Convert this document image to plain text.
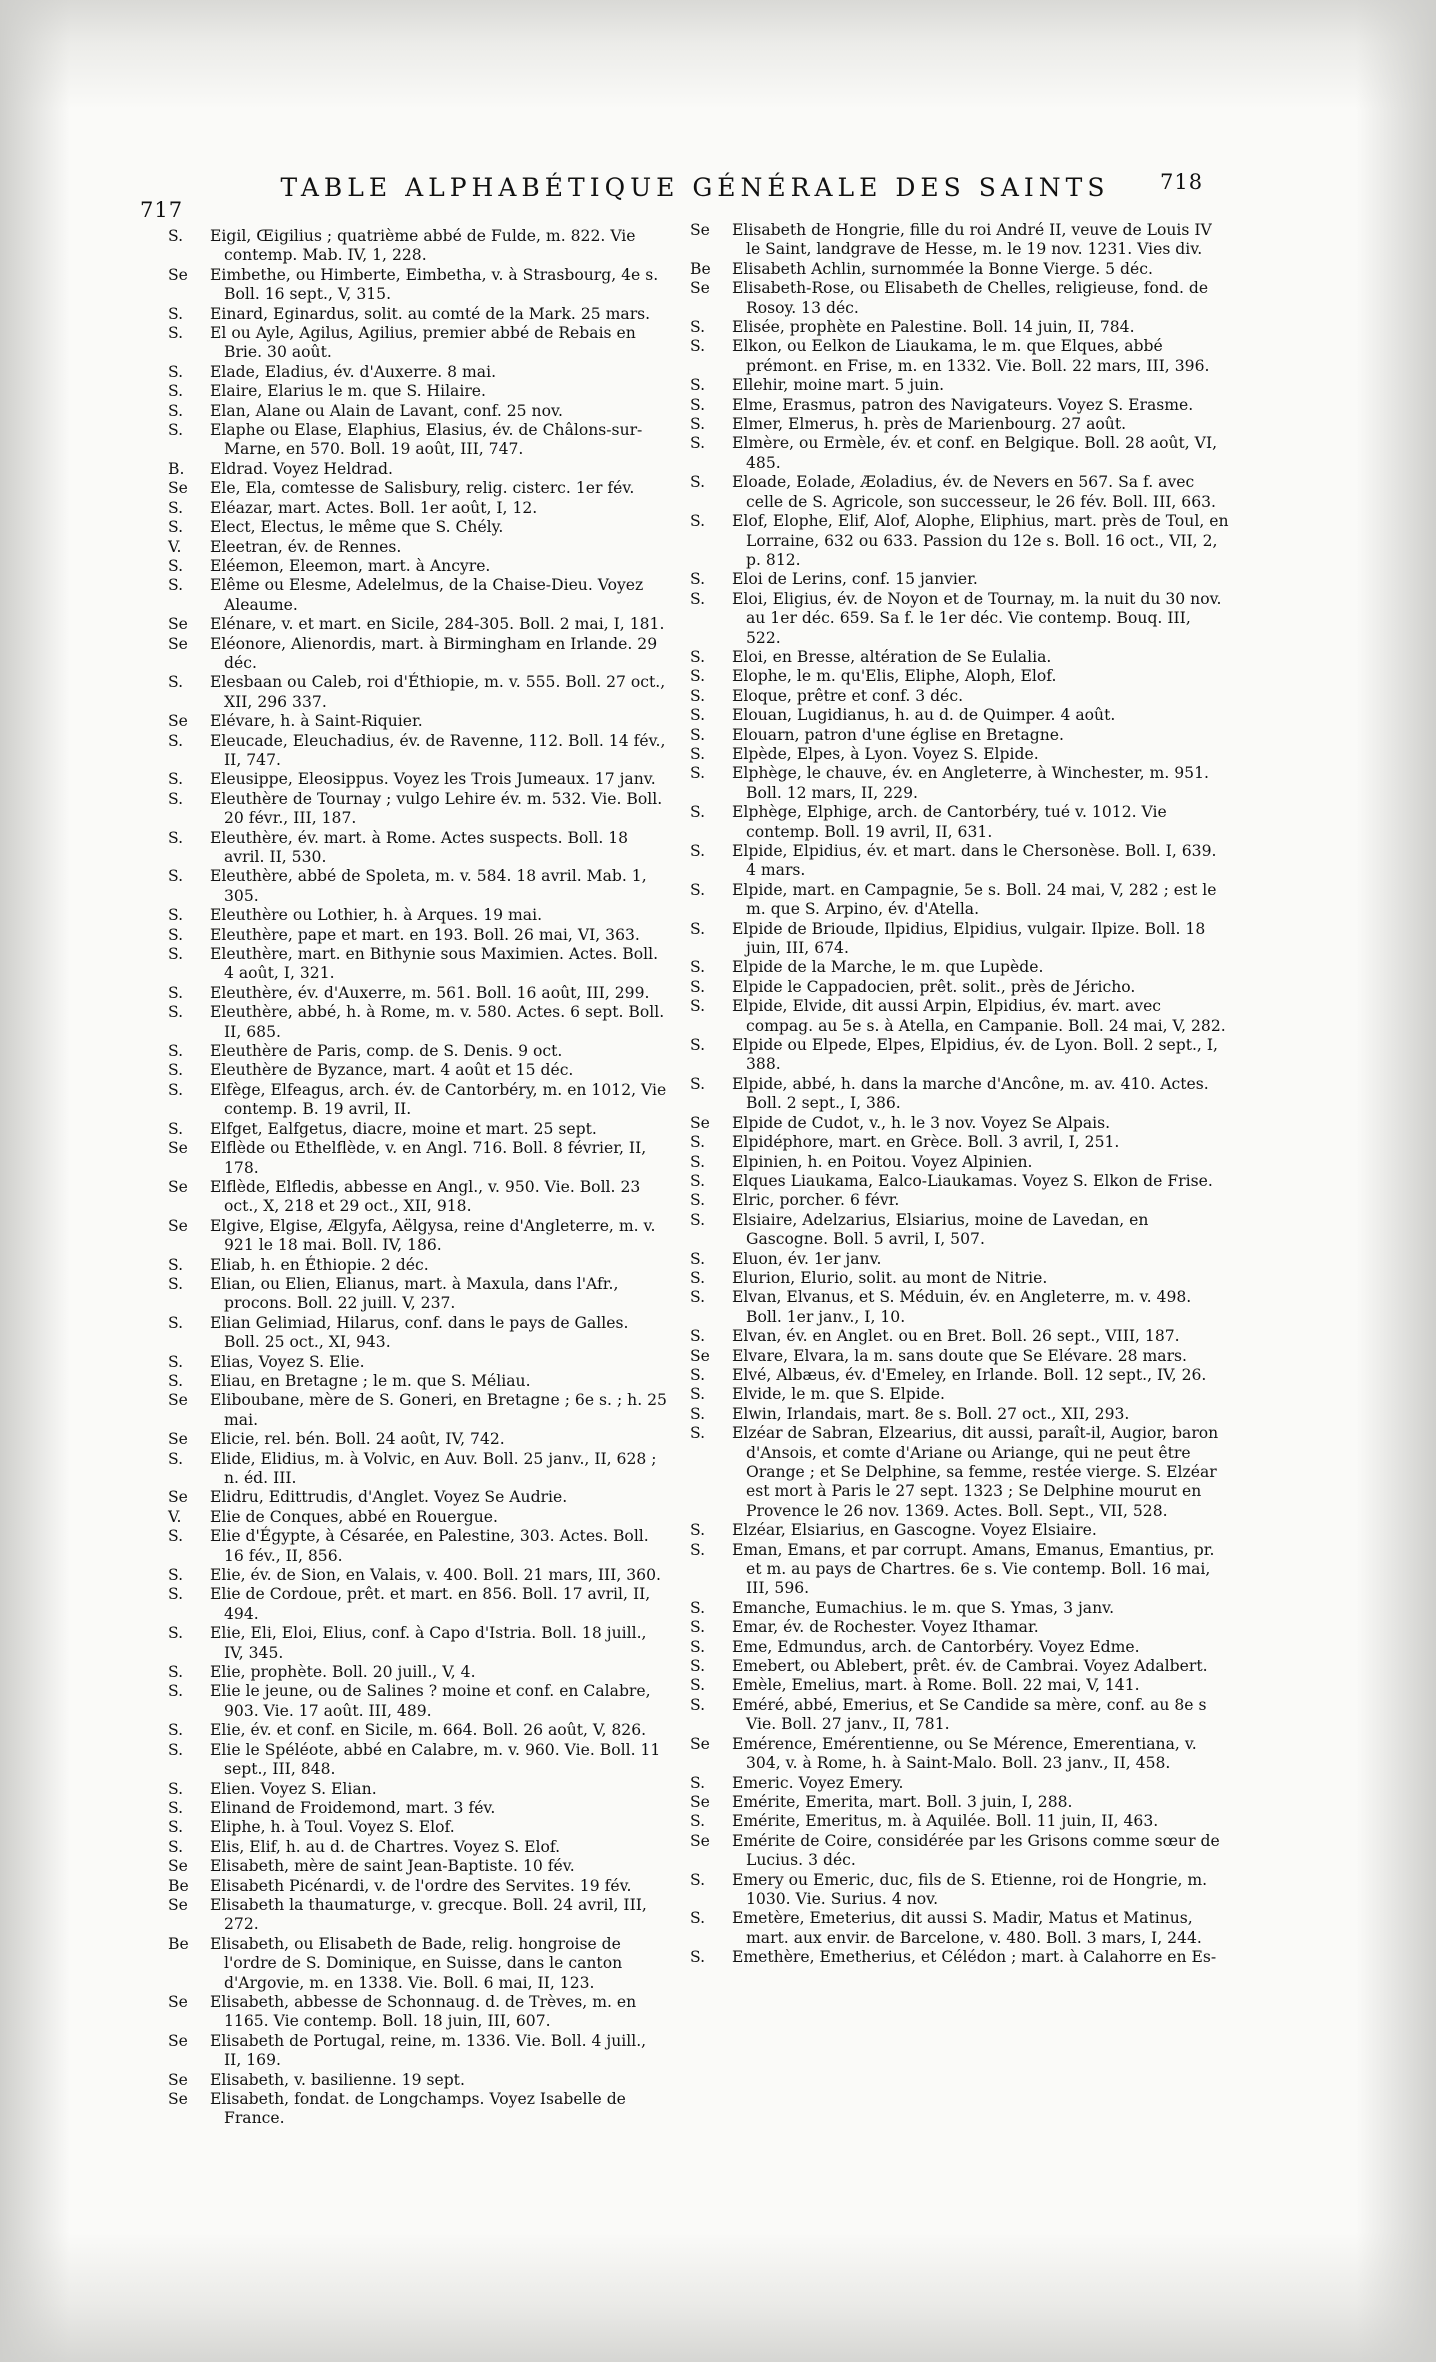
717
TABLE ALPHABÉTIQUE GÉNÉRALE DES SAINTS 718
S.	Eigil, Œigilius ; quatrième abbé de Fulde, m. 822. Vie contemp. Mab. IV, 1, 228.
Se	Eimbethe, ou Himberte, Eimbetha, v. à Strasbourg, 4e s. Boll. 16 sept., V, 315.
S.	Einard, Eginardus, solit. au comté de la Mark. 25 mars.
S.	El ou Ayle, Agilus, Agilius, premier abbé de Rebais en Brie. 30 août.
S.	Elade, Eladius, év. d'Auxerre. 8 mai.
S.	Elaire, Elarius le m. que S. Hilaire.
S.	Elan, Alane ou Alain de Lavant, conf. 25 nov.
S.	Elaphe ou Elase, Elaphius, Elasius, év. de Châlons-sur-Marne, en 570. Boll. 19 août, III, 747.
B.	Eldrad. Voyez Heldrad.
Se	Ele, Ela, comtesse de Salisbury, relig. cisterc. 1er fév.
S.	Eléazar, mart. Actes. Boll. 1er août, I, 12.
S.	Elect, Electus, le même que S. Chély.
V.	Eleetran, év. de Rennes.
S.	Eléemon, Eleemon, mart. à Ancyre.
S.	Elême ou Elesme, Adelelmus, de la Chaise-Dieu. Voyez Aleaume.
Se	Elénare, v. et mart. en Sicile, 284-305. Boll. 2 mai, I, 181.
Se	Eléonore, Alienordis, mart. à Birmingham en Irlande. 29 déc.
S.	Elesbaan ou Caleb, roi d'Éthiopie, m. v. 555. Boll. 27 oct., XII, 296 337.
Se	Elévare, h. à Saint-Riquier.
S.	Eleucade, Eleuchadius, év. de Ravenne, 112. Boll. 14 fév., II, 747.
S.	Eleusippe, Eleosippus. Voyez les Trois Jumeaux. 17 janv.
S.	Eleuthère de Tournay ; vulgo Lehire év. m. 532. Vie. Boll. 20 févr., III, 187.
S.	Eleuthère, év. mart. à Rome. Actes suspects. Boll. 18 avril. II, 530.
S.	Eleuthère, abbé de Spoleta, m. v. 584. 18 avril. Mab. 1, 305.
S.	Eleuthère ou Lothier, h. à Arques. 19 mai.
S.	Eleuthère, pape et mart. en 193. Boll. 26 mai, VI, 363.
S.	Eleuthère, mart. en Bithynie sous Maximien. Actes. Boll. 4 août, I, 321.
S.	Eleuthère, év. d'Auxerre, m. 561. Boll. 16 août, III, 299.
S.	Eleuthère, abbé, h. à Rome, m. v. 580. Actes. 6 sept. Boll. II, 685.
S.	Eleuthère de Paris, comp. de S. Denis. 9 oct.
S.	Eleuthère de Byzance, mart. 4 août et 15 déc.
S.	Elfège, Elfeagus, arch. év. de Cantorbéry, m. en 1012, Vie contemp. B. 19 avril, II.
S.	Elfget, Ealfgetus, diacre, moine et mart. 25 sept.
Se	Elflède ou Ethelflède, v. en Angl. 716. Boll. 8 février, II, 178.
Se	Elflède, Elfledis, abbesse en Angl., v. 950. Vie. Boll. 23 oct., X, 218 et 29 oct., XII, 918.
Se	Elgive, Elgise, Ælgyfa, Aëlgysa, reine d'Angleterre, m. v. 921 le 18 mai. Boll. IV, 186.
S.	Eliab, h. en Éthiopie. 2 déc.
S.	Elian, ou Elien, Elianus, mart. à Maxula, dans l'Afr., procons. Boll. 22 juill. V, 237.
S.	Elian Gelimiad, Hilarus, conf. dans le pays de Galles. Boll. 25 oct., XI, 943.
S.	Elias, Voyez S. Elie.
S.	Eliau, en Bretagne ; le m. que S. Méliau.
Se	Eliboubane, mère de S. Goneri, en Bretagne ; 6e s. ; h. 25 mai.
Se	Elicie, rel. bén. Boll. 24 août, IV, 742.
S.	Elide, Elidius, m. à Volvic, en Auv. Boll. 25 janv., II, 628 ; n. éd. III.
Se	Elidru, Edittrudis, d'Anglet. Voyez Se Audrie.
V.	Elie de Conques, abbé en Rouergue.
S.	Elie d'Égypte, à Césarée, en Palestine, 303. Actes. Boll. 16 fév., II, 856.
S.	Elie, év. de Sion, en Valais, v. 400. Boll. 21 mars, III, 360.
S.	Elie de Cordoue, prêt. et mart. en 856. Boll. 17 avril, II, 494.
S.	Elie, Eli, Eloi, Elius, conf. à Capo d'Istria. Boll. 18 juill., IV, 345.
S.	Elie, prophète. Boll. 20 juill., V, 4.
S.	Elie le jeune, ou de Salines ? moine et conf. en Calabre, 903. Vie. 17 août. III, 489.
S.	Elie, év. et conf. en Sicile, m. 664. Boll. 26 août, V, 826.
S.	Elie le Spéléote, abbé en Calabre, m. v. 960. Vie. Boll. 11 sept., III, 848.
S.	Elien. Voyez S. Elian.
S.	Elinand de Froidemond, mart. 3 fév.
S.	Eliphe, h. à Toul. Voyez S. Elof.
S.	Elis, Elif, h. au d. de Chartres. Voyez S. Elof.
Se	Elisabeth, mère de saint Jean-Baptiste. 10 fév.
Be	Elisabeth Picénardi, v. de l'ordre des Servites. 19 fév.
Se	Elisabeth la thaumaturge, v. grecque. Boll. 24 avril, III, 272.
Be	Elisabeth, ou Elisabeth de Bade, relig. hongroise de l'ordre de S. Dominique, en Suisse, dans le canton d'Argovie, m. en 1338. Vie. Boll. 6 mai, II, 123.
Se	Elisabeth, abbesse de Schonnaug. d. de Trèves, m. en 1165. Vie contemp. Boll. 18 juin, III, 607.
Se	Elisabeth de Portugal, reine, m. 1336. Vie. Boll. 4 juill., II, 169.
Se	Elisabeth, v. basilienne. 19 sept.
Se	Elisabeth, fondat. de Longchamps. Voyez Isabelle de France.
Se	Elisabeth de Hongrie, fille du roi André II, veuve de Louis IV le Saint, landgrave de Hesse, m. le 19 nov. 1231. Vies div.
Be	Elisabeth Achlin, surnommée la Bonne Vierge. 5 déc.
Se	Elisabeth-Rose, ou Elisabeth de Chelles, religieuse, fond. de Rosoy. 13 déc.
S.	Elisée, prophète en Palestine. Boll. 14 juin, II, 784.
S.	Elkon, ou Eelkon de Liaukama, le m. que Elques, abbé prémont. en Frise, m. en 1332. Vie. Boll. 22 mars, III, 396.
S.	Ellehir, moine mart. 5 juin.
S.	Elme, Erasmus, patron des Navigateurs. Voyez S. Erasme.
S.	Elmer, Elmerus, h. près de Marienbourg. 27 août.
S.	Elmère, ou Ermèle, év. et conf. en Belgique. Boll. 28 août, VI, 485.
S.	Eloade, Eolade, Æoladius, év. de Nevers en 567. Sa f. avec celle de S. Agricole, son successeur, le 26 fév. Boll. III, 663.
S.	Elof, Elophe, Elif, Alof, Alophe, Eliphius, mart. près de Toul, en Lorraine, 632 ou 633. Passion du 12e s. Boll. 16 oct., VII, 2, p. 812.
S.	Eloi de Lerins, conf. 15 janvier.
S.	Eloi, Eligius, év. de Noyon et de Tournay, m. la nuit du 30 nov. au 1er déc. 659. Sa f. le 1er déc. Vie contemp. Bouq. III, 522.
S.	Eloi, en Bresse, altération de Se Eulalia.
S.	Elophe, le m. qu'Elis, Eliphe, Aloph, Elof.
S.	Eloque, prêtre et conf. 3 déc.
S.	Elouan, Lugidianus, h. au d. de Quimper. 4 août.
S.	Elouarn, patron d'une église en Bretagne.
S.	Elpède, Elpes, à Lyon. Voyez S. Elpide.
S.	Elphège, le chauve, év. en Angleterre, à Winchester, m. 951. Boll. 12 mars, II, 229.
S.	Elphège, Elphige, arch. de Cantorbéry, tué v. 1012. Vie contemp. Boll. 19 avril, II, 631.
S.	Elpide, Elpidius, év. et mart. dans le Chersonèse. Boll. I, 639. 4 mars.
S.	Elpide, mart. en Campagnie, 5e s. Boll. 24 mai, V, 282 ; est le m. que S. Arpino, év. d'Atella.
S.	Elpide de Brioude, Ilpidius, Elpidius, vulgair. Ilpize. Boll. 18 juin, III, 674.
S.	Elpide de la Marche, le m. que Lupède.
S.	Elpide le Cappadocien, prêt. solit., près de Jéricho.
S.	Elpide, Elvide, dit aussi Arpin, Elpidius, év. mart. avec compag. au 5e s. à Atella, en Campanie. Boll. 24 mai, V, 282.
S.	Elpide ou Elpede, Elpes, Elpidius, év. de Lyon. Boll. 2 sept., I, 388.
S.	Elpide, abbé, h. dans la marche d'Ancône, m. av. 410. Actes. Boll. 2 sept., I, 386.
Se	Elpide de Cudot, v., h. le 3 nov. Voyez Se Alpais.
S.	Elpidéphore, mart. en Grèce. Boll. 3 avril, I, 251.
S.	Elpinien, h. en Poitou. Voyez Alpinien.
S.	Elques Liaukama, Ealco-Liaukamas. Voyez S. Elkon de Frise.
S.	Elric, porcher. 6 févr.
S.	Elsiaire, Adelzarius, Elsiarius, moine de Lavedan, en Gascogne. Boll. 5 avril, I, 507.
S.	Eluon, év. 1er janv.
S.	Elurion, Elurio, solit. au mont de Nitrie.
S.	Elvan, Elvanus, et S. Méduin, év. en Angleterre, m. v. 498. Boll. 1er janv., I, 10.
S.	Elvan, év. en Anglet. ou en Bret. Boll. 26 sept., VIII, 187.
Se	Elvare, Elvara, la m. sans doute que Se Elévare. 28 mars.
S.	Elvé, Albæus, év. d'Emeley, en Irlande. Boll. 12 sept., IV, 26.
S.	Elvide, le m. que S. Elpide.
S.	Elwin, Irlandais, mart. 8e s. Boll. 27 oct., XII, 293.
S.	Elzéar de Sabran, Elzearius, dit aussi, paraît-il, Augior, baron d'Ansois, et comte d'Ariane ou Ariange, qui ne peut être Orange ; et Se Delphine, sa femme, restée vierge. S. Elzéar est mort à Paris le 27 sept. 1323 ; Se Delphine mourut en Provence le 26 nov. 1369. Actes. Boll. Sept., VII, 528.
S.	Elzéar, Elsiarius, en Gascogne. Voyez Elsiaire.
S.	Eman, Emans, et par corrupt. Amans, Emanus, Emantius, pr. et m. au pays de Chartres. 6e s. Vie contemp. Boll. 16 mai, III, 596.
S.	Emanche, Eumachius. le m. que S. Ymas, 3 janv.
S.	Emar, év. de Rochester. Voyez Ithamar.
S.	Eme, Edmundus, arch. de Cantorbéry. Voyez Edme.
S.	Emebert, ou Ablebert, prêt. év. de Cambrai. Voyez Adalbert.
S.	Emèle, Emelius, mart. à Rome. Boll. 22 mai, V, 141.
S.	Eméré, abbé, Emerius, et Se Candide sa mère, conf. au 8e s Vie. Boll. 27 janv., II, 781.
Se	Emérence, Emérentienne, ou Se Mérence, Emerentiana, v. 304, v. à Rome, h. à Saint-Malo. Boll. 23 janv., II, 458.
S.	Emeric. Voyez Emery.
Se	Emérite, Emerita, mart. Boll. 3 juin, I, 288.
S.	Emérite, Emeritus, m. à Aquilée. Boll. 11 juin, II, 463.
Se	Emérite de Coire, considérée par les Grisons comme sœur de Lucius. 3 déc.
S.	Emery ou Emeric, duc, fils de S. Etienne, roi de Hongrie, m. 1030. Vie. Surius. 4 nov.
S.	Emetère, Emeterius, dit aussi S. Madir, Matus et Matinus, mart. aux envir. de Barcelone, v. 480. Boll. 3 mars, I, 244.
S.	Emethère, Emetherius, et Célédon ; mart. à Calahorre en Es-
